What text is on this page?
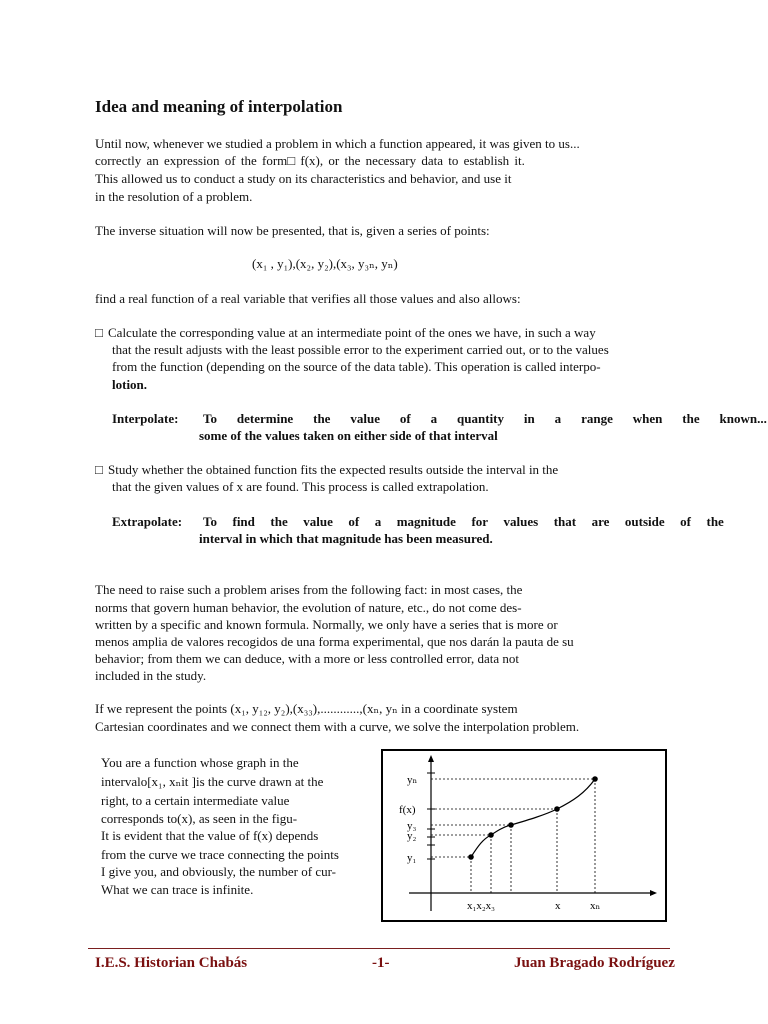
Idea and meaning of interpolation
Until now, whenever we studied a problem in which a function appeared, it was given to us...
correctly an expression of the form□ f(x), or the necessary data to establish it.
This allowed us to conduct a study on its characteristics and behavior, and use it
in the resolution of a problem.
The inverse situation will now be presented, that is, given a series of points:
(x₁ , y₁),(x₂, y₂),(x₃, y₃ₙ, yₙ)
find a real function of a real variable that verifies all those values and also allows:
□ Calculate the corresponding value at an intermediate point of the ones we have, in such a way
that the result adjusts with the least possible error to the experiment carried out, or to the values
from the function (depending on the source of the data table). This operation is called interpo-
lotion.
Interpolate: To determine the value of a quantity in a range when the known...
some of the values taken on either side of that interval
□ Study whether the obtained function fits the expected results outside the interval in the
that the given values of x are found. This process is called extrapolation.
Extrapolate: To find the value of a magnitude for values that are outside of the
interval in which that magnitude has been measured.
The need to raise such a problem arises from the following fact: in most cases, the
norms that govern human behavior, the evolution of nature, etc., do not come des-
written by a specific and known formula. Normally, we only have a series that is more or
menos amplia de valores recogidos de una forma experimental, que nos darán la pauta de su
behavior; from them we can deduce, with a more or less controlled error, data not
included in the study.
If we represent the points (x₁, y₁₂, y₂),(x₃₃),............,(xₙ, yₙ in a coordinate system
Cartesian coordinates and we connect them with a curve, we solve the interpolation problem.
You are a function whose graph in the
intervalo[x₁, xₙit ]is the curve drawn at the
right, to a certain intermediate value
corresponds to(x), as seen in the figu-
It is evident that the value of f(x) depends
from the curve we trace connecting the points
I give you, and obviously, the number of cur-
What we can trace is infinite.
yₙ
f(x)
y₃
y₂
y₁
x₁x₂x₃	x	xₙ
I.E.S. Historian Chabás	-1-	Juan Bragado Rodríguez
